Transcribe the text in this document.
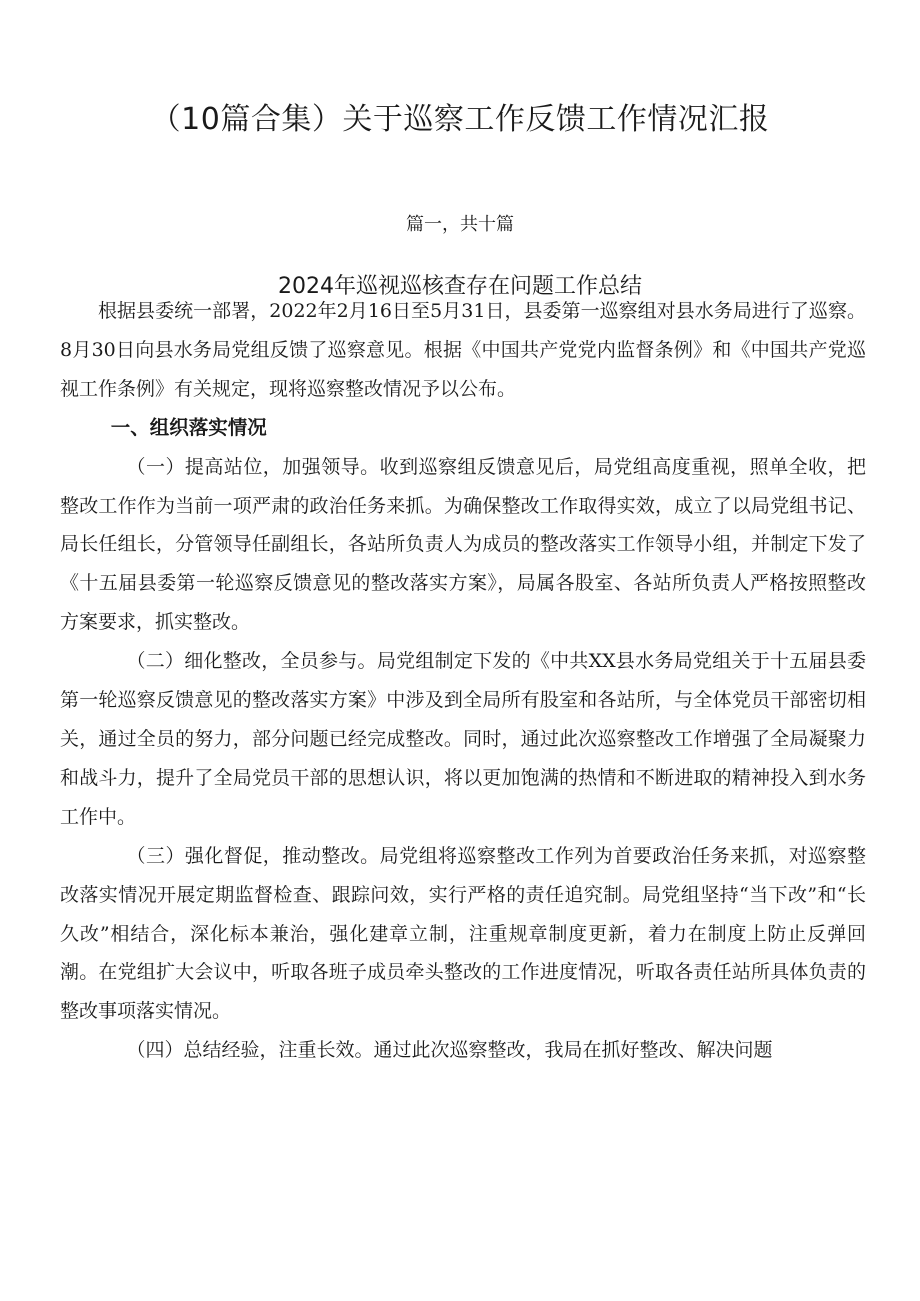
（10篇合集）关于巡察工作反馈工作情况汇报
篇一，共十篇
2024年巡视巡核查存在问题工作总结

根据县委统一部署，2022年2月16日至5月31日，县委第一巡察组对县水务局进行了巡察。8月30日向县水务局党组反馈了巡察意见。根据《中国共产党党内监督条例》和《中国共产党巡视工作条例》有关规定，现将巡察整改情况予以公布。

一、组织落实情况

（一）提高站位，加强领导。收到巡察组反馈意见后，局党组高度重视，照单全收，把整改工作作为当前一项严肃的政治任务来抓。为确保整改工作取得实效，成立了以局党组书记、局长任组长，分管领导任副组长，各站所负责人为成员的整改落实工作领导小组，并制定下发了《十五届县委第一轮巡察反馈意见的整改落实方案》，局属各股室、各站所负责人严格按照整改方案要求，抓实整改。

（二）细化整改，全员参与。局党组制定下发的《中共XX县水务局党组关于十五届县委第一轮巡察反馈意见的整改落实方案》中涉及到全局所有股室和各站所，与全体党员干部密切相关，通过全员的努力，部分问题已经完成整改。同时，通过此次巡察整改工作增强了全局凝聚力和战斗力，提升了全局党员干部的思想认识，将以更加饱满的热情和不断进取的精神投入到水务工作中。

（三）强化督促，推动整改。局党组将巡察整改工作列为首要政治任务来抓，对巡察整改落实情况开展定期监督检查、跟踪问效，实行严格的责任追究制。局党组坚持“当下改”和“长久改”相结合，深化标本兼治，强化建章立制，注重规章制度更新，着力在制度上防止反弹回潮。在党组扩大会议中，听取各班子成员牵头整改的工作进度情况，听取各责任站所具体负责的整改事项落实情况。

（四）总结经验，注重长效。通过此次巡察整改，我局在抓好整改、解决问题
